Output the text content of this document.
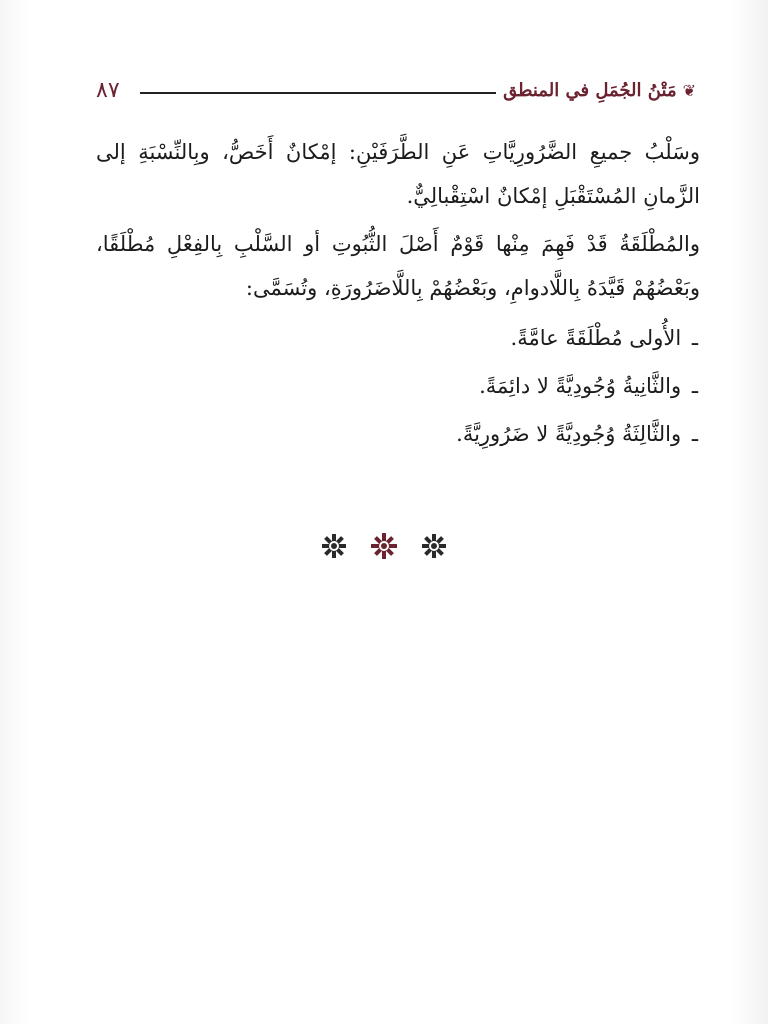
٨٧	❦مَتْنُ الجُمَلِ في المنطق
وسَلْبُ جميعِ الضَّرُورِيَّاتِ عَنِ الطَّرَفَيْنِ: إمْكانٌ أَخَصُّ، وبِالنِّسْبَةِ إلى الزَّمانِ المُسْتَقْبَلِ إمْكانٌ اسْتِقْبالِيٌّ.
والمُطْلَقَةُ قَدْ فَهِمَ مِنْها قَوْمٌ أَصْلَ الثُّبُوتِ أو السَّلْبِ بِالفِعْلِ مُطْلَقًا، وبَعْضُهُمْ قَيَّدَهُ بِاللَّادوامِ، وبَعْضُهُمْ بِاللَّاضَرُورَةِ، وتُسَمَّى:
ـ الأُولى مُطْلَقَةً عامَّةً.
ـ والثَّانِيةُ وُجُودِيَّةً لا دائِمَةً.
ـ والثَّالِثَةُ وُجُودِيَّةً لا ضَرُورِيَّةً.
